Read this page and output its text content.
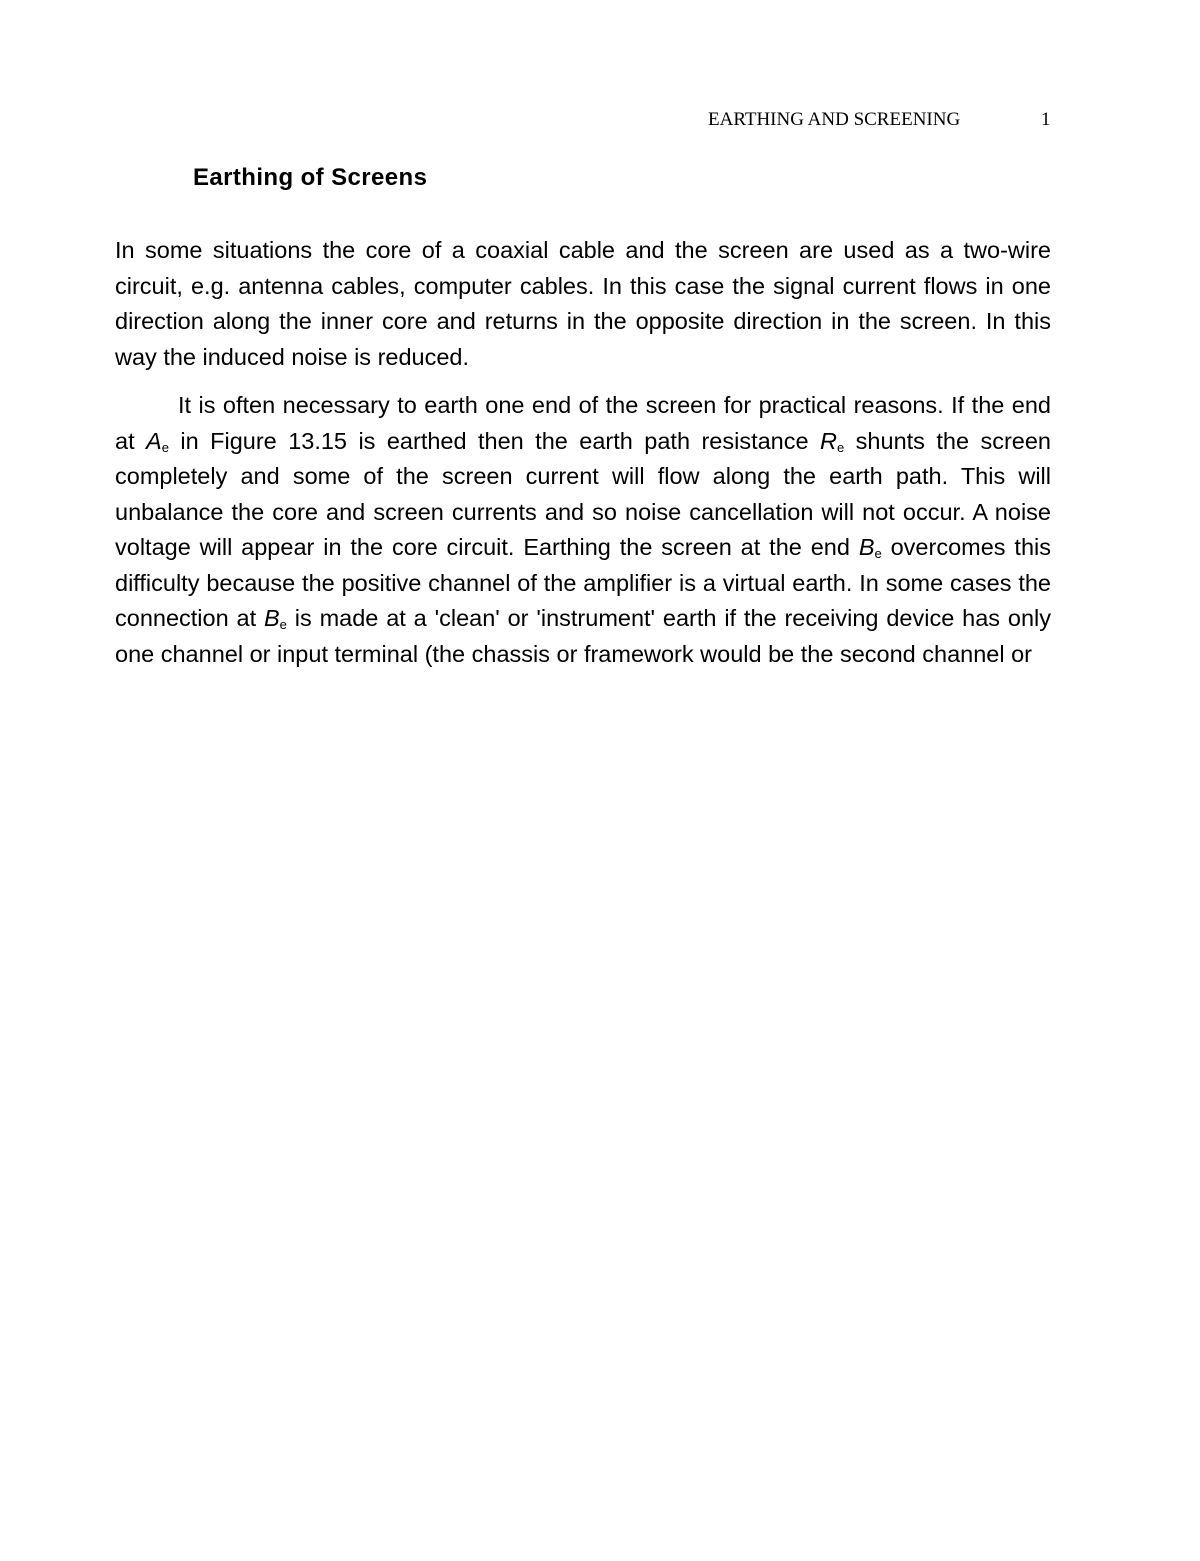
EARTHING AND SCREENING	1
Earthing of Screens

In some situations the core of a coaxial cable and the screen are used as a two-wire circuit, e.g. antenna cables, computer cables. In this case the signal current flows in one direction along the inner core and returns in the opposite direction in the screen. In this way the induced noise is reduced.

It is often necessary to earth one end of the screen for practical reasons. If the end at $A_e$ in Figure 13.15 is earthed then the earth path resistance $R_e$ shunts the screen completely and some of the screen current will flow along the earth path. This will unbalance the core and screen currents and so noise cancellation will not occur. A noise voltage will appear in the core circuit. Earthing the screen at the end $B_e$ overcomes this difficulty because the positive channel of the amplifier is a virtual earth. In some cases the connection at $B_e$ is made at a 'clean' or 'instrument' earth if the receiving device has only one channel or input terminal (the chassis or framework would be the second channel or
